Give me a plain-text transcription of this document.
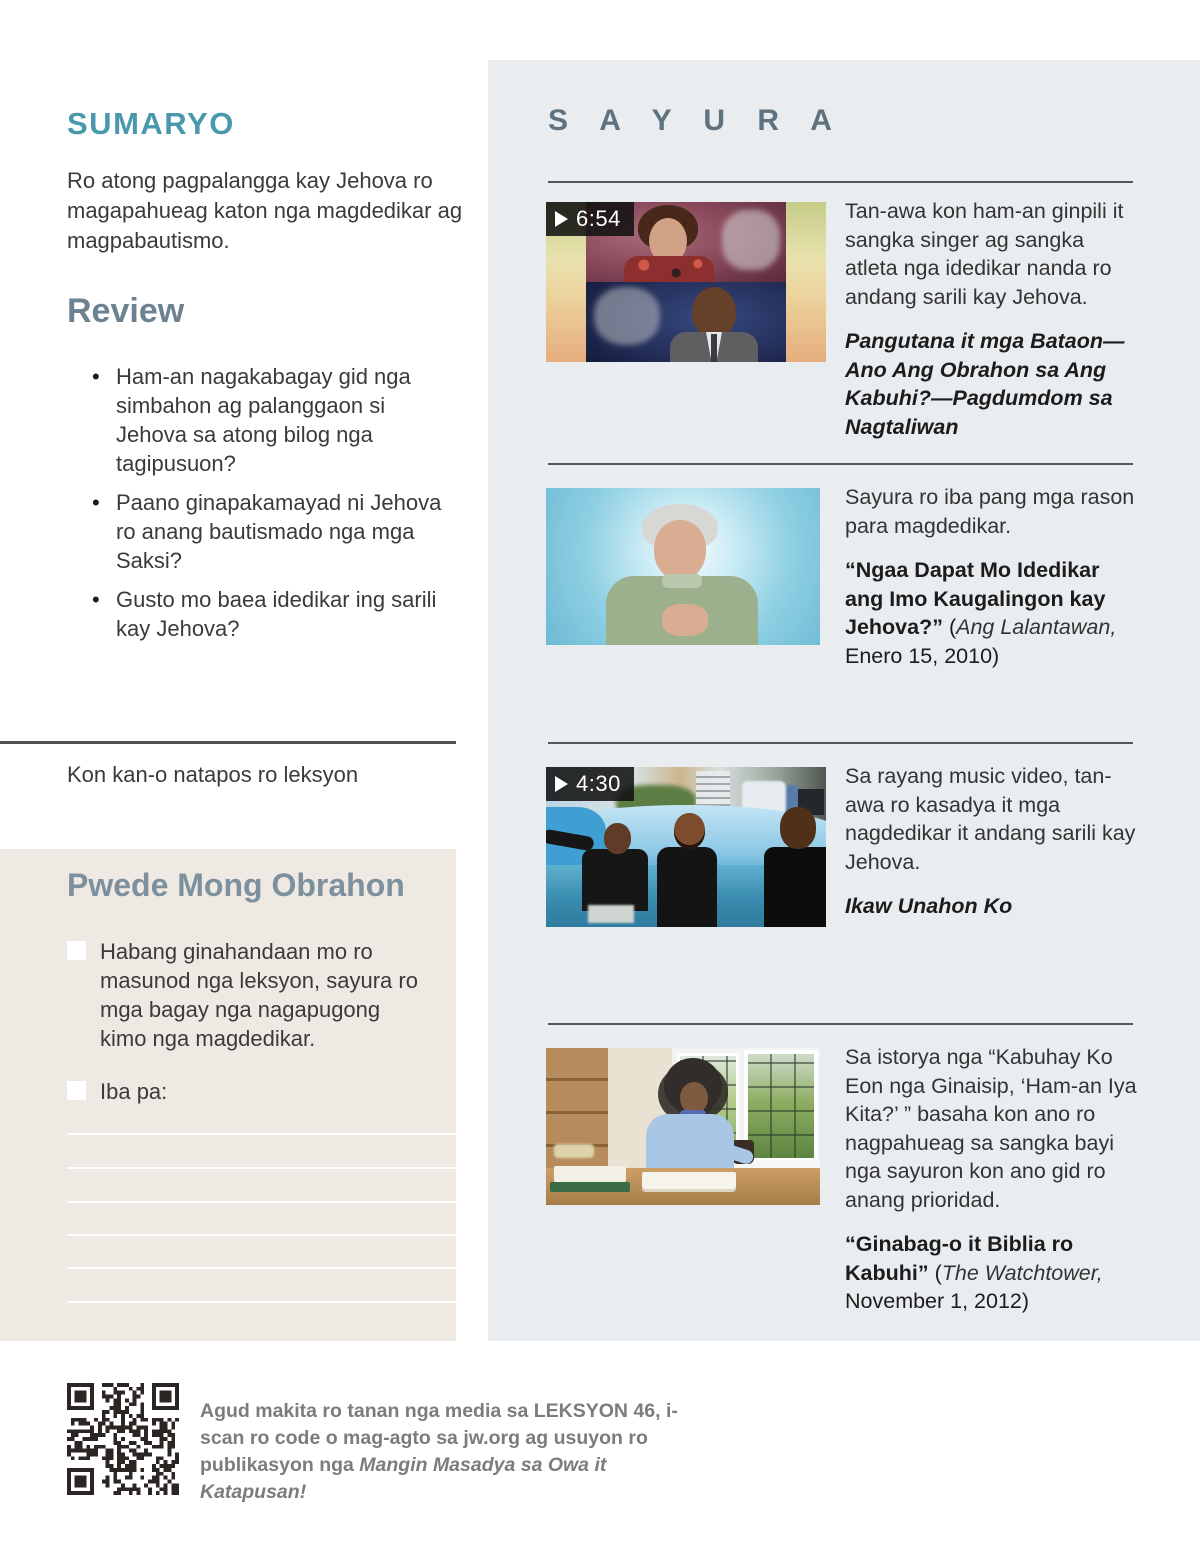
SUMARYO

Ro atong pagpalangga kay Jehova ro magapahueag katon nga magdedikar ag magpabautismo.

Review
• Ham-an nagakabagay gid nga simbahon ag palanggaon si Jehova sa atong bilog nga tagipusuon?
• Paano ginapakamayad ni Jehova ro anang bautismado nga mga Saksi?
• Gusto mo baea idedikar ing sarili kay Jehova?

Kon kan-o natapos ro leksyon

Pwede Mong Obrahon
Habang ginahandaan mo ro masunod nga leksyon, sayura ro mga bagay nga nagapugong kimo nga magdedikar.
Iba pa:
S A Y U R A
6:54	Tan-awa kon ham-an ginpili it sangka singer ag sangka atleta nga idedikar nanda ro andang sarili kay Jehova.

Pangutana it mga Bataon—Ano Ang Obrahon sa Ang Kabuhi?—Pagdumdom sa Nagtaliwan

Sayura ro iba pang mga rason para magdedikar.

“Ngaa Dapat Mo Idedikar ang Imo Kaugalingon kay Jehova?” (Ang Lalantawan, Enero 15, 2010)

4:30	Sa rayang music video, tan-awa ro kasadya it mga nagdedikar it andang sarili kay Jehova.

Ikaw Unahon Ko

Sa istorya nga “Kabuhay Ko Eon nga Ginaisip, ‘Ham-an Iya Kita?’ ” basaha kon ano ro nagpahueag sa sangka bayi nga sayuron kon ano gid ro anang prioridad.

“Ginabag-o it Biblia ro Kabuhi” (The Watchtower, November 1, 2012)

Agud makita ro tanan nga media sa LEKSYON 46, i-scan ro code o mag-agto sa jw.org ag usuyon ro publikasyon nga Mangin Masadya sa Owa it Katapusan!
